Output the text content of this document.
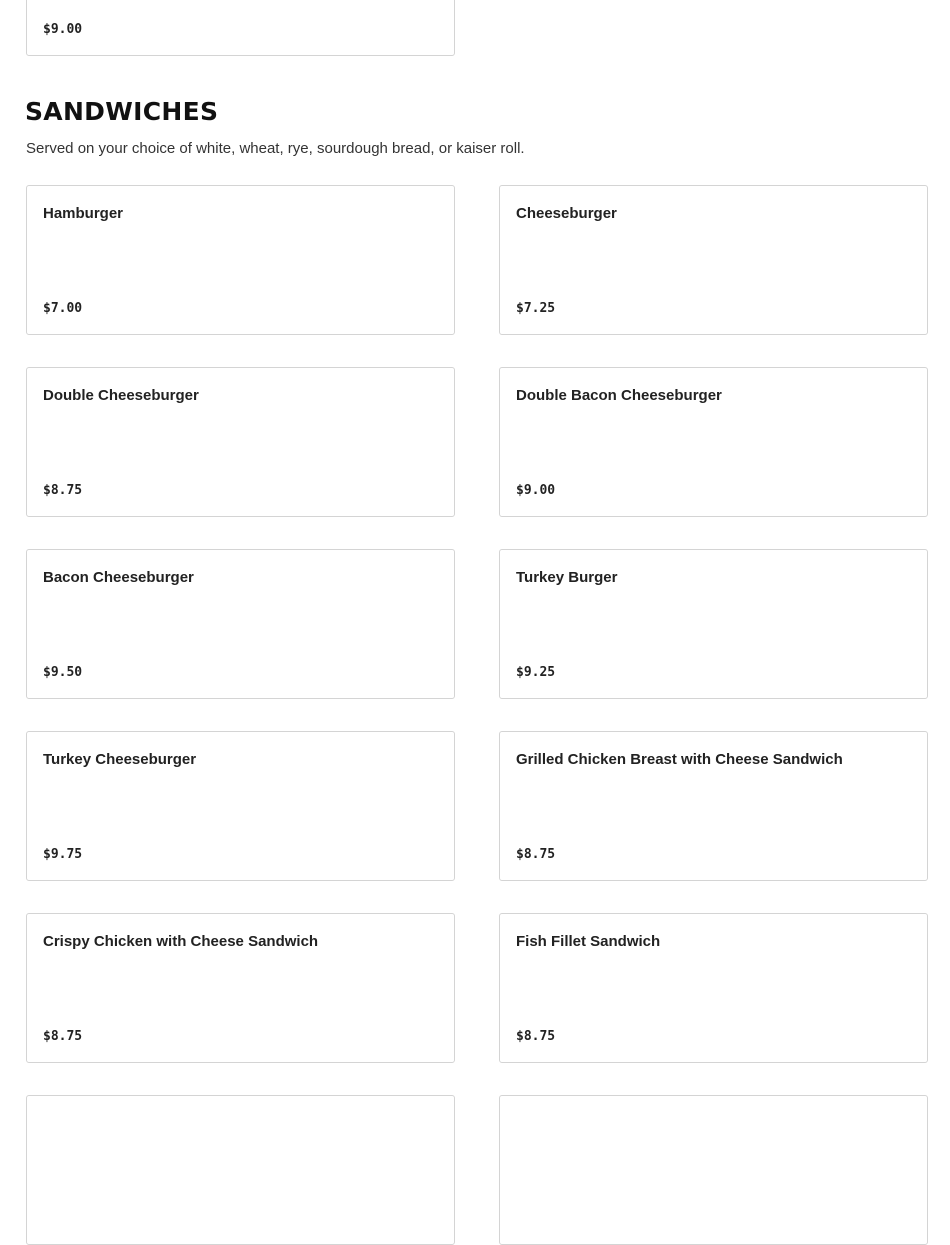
$9.00
SANDWICHES

Served on your choice of white, wheat, rye, sourdough bread, or kaiser roll.

Hamburger
$7.00
Cheeseburger
$7.25
Double Cheeseburger
$8.75
Double Bacon Cheeseburger
$9.00
Bacon Cheeseburger
$9.50
Turkey Burger
$9.25
Turkey Cheeseburger
$9.75
Grilled Chicken Breast with Cheese Sandwich
$8.75
Crispy Chicken with Cheese Sandwich
$8.75
Fish Fillet Sandwich
$8.75
